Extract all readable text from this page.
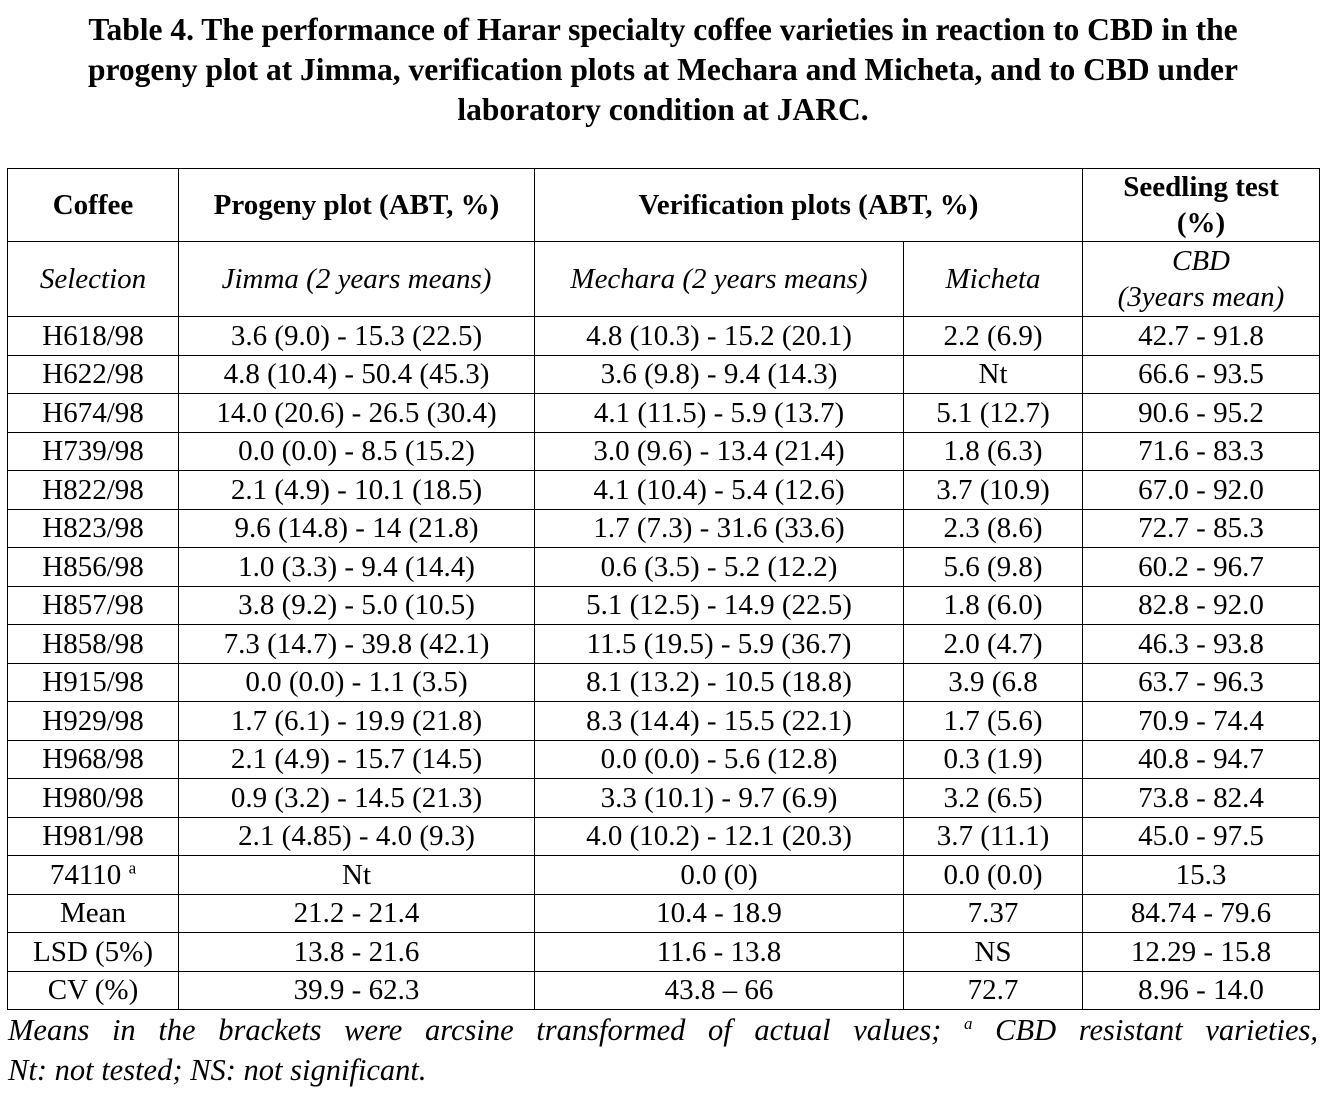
Table 4. The performance of Harar specialty coffee varieties in reaction to CBD in the
progeny plot at Jimma, verification plots at Mechara and Micheta, and to CBD under
laboratory condition at JARC.
Coffee	Progeny plot (ABT, %)	Verification plots (ABT, %)		Seedling test
(%)
Selection	Jimma (2 years means)	Mechara (2 years means)	Micheta	CBD
(3years mean)
H618/98	3.6 (9.0) - 15.3 (22.5)	4.8 (10.3) - 15.2 (20.1)	2.2 (6.9)	42.7 - 91.8
H622/98	4.8 (10.4) - 50.4 (45.3)	3.6 (9.8) - 9.4 (14.3)	Nt	66.6 - 93.5
H674/98	14.0 (20.6) - 26.5 (30.4)	4.1 (11.5) - 5.9 (13.7)	5.1 (12.7)	90.6 - 95.2
H739/98	0.0 (0.0) - 8.5 (15.2)	3.0 (9.6) - 13.4 (21.4)	1.8 (6.3)	71.6 - 83.3
H822/98	2.1 (4.9) - 10.1 (18.5)	4.1 (10.4) - 5.4 (12.6)	3.7 (10.9)	67.0 - 92.0
H823/98	9.6 (14.8) - 14 (21.8)	1.7 (7.3) - 31.6 (33.6)	2.3 (8.6)	72.7 - 85.3
H856/98	1.0 (3.3) - 9.4 (14.4)	0.6 (3.5) - 5.2 (12.2)	5.6 (9.8)	60.2 - 96.7
H857/98	3.8 (9.2) - 5.0 (10.5)	5.1 (12.5) - 14.9 (22.5)	1.8 (6.0)	82.8 - 92.0
H858/98	7.3 (14.7) - 39.8 (42.1)	11.5 (19.5) - 5.9 (36.7)	2.0 (4.7)	46.3 - 93.8
H915/98	0.0 (0.0) - 1.1 (3.5)	8.1 (13.2) - 10.5 (18.8)	3.9 (6.8	63.7 - 96.3
H929/98	1.7 (6.1) - 19.9 (21.8)	8.3 (14.4) - 15.5 (22.1)	1.7 (5.6)	70.9 - 74.4
H968/98	2.1 (4.9) - 15.7 (14.5)	0.0 (0.0) - 5.6 (12.8)	0.3 (1.9)	40.8 - 94.7
H980/98	0.9 (3.2) - 14.5 (21.3)	3.3 (10.1) - 9.7 (6.9)	3.2 (6.5)	73.8 - 82.4
H981/98	2.1 (4.85) - 4.0 (9.3)	4.0 (10.2) - 12.1 (20.3)	3.7 (11.1)	45.0 - 97.5
74110 $^a$	Nt	0.0 (0)	0.0 (0.0)	15.3
Mean	21.2 - 21.4	10.4 - 18.9	7.37	84.74 - 79.6
LSD (5%)	13.8 - 21.6	11.6 - 13.8	NS	12.29 - 15.8
CV (%)	39.9 - 62.3	43.8 – 66	72.7	8.96 - 14.0
Means in the brackets were arcsine transformed of actual values; $^a$ CBD resistant varieties,
Nt: not tested; NS: not significant.
